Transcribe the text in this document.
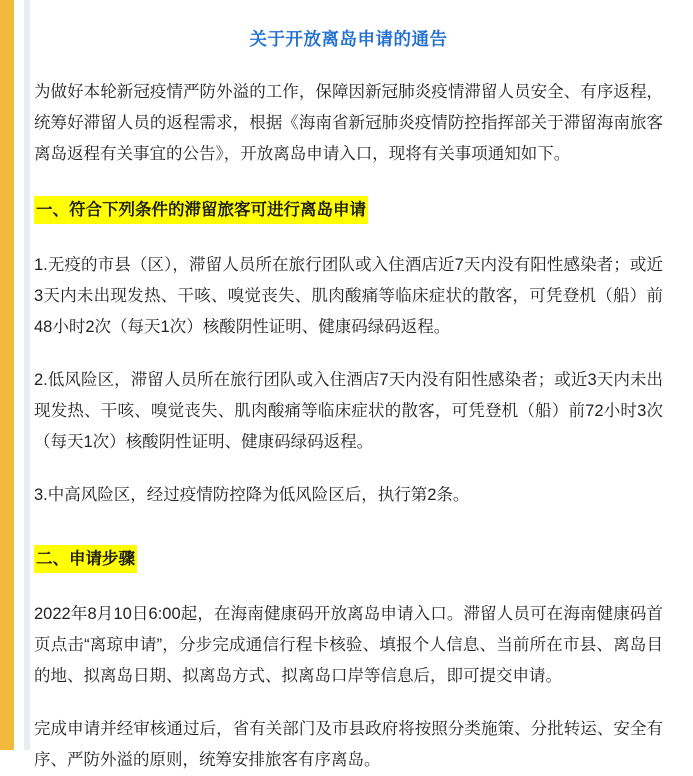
关于开放离岛申请的通告

为做好本轮新冠疫情严防外溢的工作，保障因新冠肺炎疫情滞留人员安全、有序返程，统筹好滞留人员的返程需求，根据《海南省新冠肺炎疫情防控指挥部关于滞留海南旅客离岛返程有关事宜的公告》，开放离岛申请入口，现将有关事项通知如下。

一、符合下列条件的滞留旅客可进行离岛申请

1.无疫的市县（区），滞留人员所在旅行团队或入住酒店近7天内没有阳性感染者；或近3天内未出现发热、干咳、嗅觉丧失、肌肉酸痛等临床症状的散客，可凭登机（船）前48小时2次（每天1次）核酸阴性证明、健康码绿码返程。

2.低风险区，滞留人员所在旅行团队或入住酒店7天内没有阳性感染者；或近3天内未出现发热、干咳、嗅觉丧失、肌肉酸痛等临床症状的散客，可凭登机（船）前72小时3次（每天1次）核酸阴性证明、健康码绿码返程。

3.中高风险区，经过疫情防控降为低风险区后，执行第2条。

二、申请步骤

2022年8月10日6:00起，在海南健康码开放离岛申请入口。滞留人员可在海南健康码首页点击“离琼申请”，分步完成通信行程卡核验、填报个人信息、当前所在市县、离岛目的地、拟离岛日期、拟离岛方式、拟离岛口岸等信息后，即可提交申请。

完成申请并经审核通过后，省有关部门及市县政府将按照分类施策、分批转运、安全有序、严防外溢的原则，统筹安排旅客有序离岛。
